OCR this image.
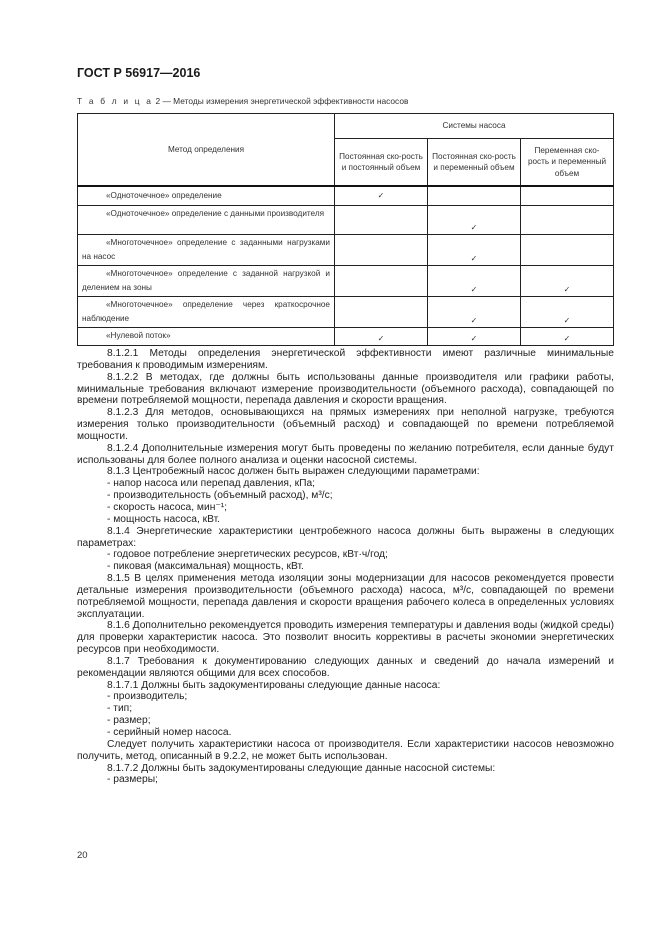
ГОСТ Р 56917—2016
Т а б л и ц а 2 — Методы измерения энергетической эффективности насосов
Метод определения	Системы насоса		
	Постоянная ско-рость и постоянный объем	Постоянная ско-рость и переменный объем	Переменная ско-рость и переменный объем
«Одноточечное» определение	✓		
«Одноточечное» определение с данными производителя		✓	
«Многоточечное» определение с заданными нагрузками на насос		✓	
«Многоточечное» определение с заданной нагрузкой и делением на зоны		✓	✓
«Многоточечное» определение через краткосрочное наблюдение		✓	✓
«Нулевой поток»	✓	✓	✓

8.1.2.1 Методы определения энергетической эффективности имеют различные минимальные требования к проводимым измерениям.

8.1.2.2 В методах, где должны быть использованы данные производителя или графики работы, минимальные требования включают измерение производительности (объемного расхода), совпадающей по времени потребляемой мощности, перепада давления и скорости вращения.

8.1.2.3 Для методов, основывающихся на прямых измерениях при неполной нагрузке, требуются измерения только производительности (объемный расход) и совпадающей по времени потребляемой мощности.

8.1.2.4 Дополнительные измерения могут быть проведены по желанию потребителя, если данные будут использованы для более полного анализа и оценки насосной системы.

8.1.3 Центробежный насос должен быть выражен следующими параметрами:

- напор насоса или перепад давления, кПа;

- производительность (объемный расход), м³/с;

- скорость насоса, мин⁻¹;

- мощность насоса, кВт.

8.1.4 Энергетические характеристики центробежного насоса должны быть выражены в следующих параметрах:

- годовое потребление энергетических ресурсов, кВт·ч/год;

- пиковая (максимальная) мощность, кВт.

8.1.5 В целях применения метода изоляции зоны модернизации для насосов рекомендуется провести детальные измерения производительности (объемного расхода) насоса, м³/с, совпадающей по времени потребляемой мощности, перепада давления и скорости вращения рабочего колеса в определенных условиях эксплуатации.

8.1.6 Дополнительно рекомендуется проводить измерения температуры и давления воды (жидкой среды) для проверки характеристик насоса. Это позволит вносить коррективы в расчеты экономии энергетических ресурсов при необходимости.

8.1.7 Требования к документированию следующих данных и сведений до начала измерений и рекомендации являются общими для всех способов.

8.1.7.1 Должны быть задокументированы следующие данные насоса:

- производитель;

- тип;

- размер;

- серийный номер насоса.

Следует получить характеристики насоса от производителя. Если характеристики насосов невозможно получить, метод, описанный в 9.2.2, не может быть использован.

8.1.7.2 Должны быть задокументированы следующие данные насосной системы:

- размеры;

20
